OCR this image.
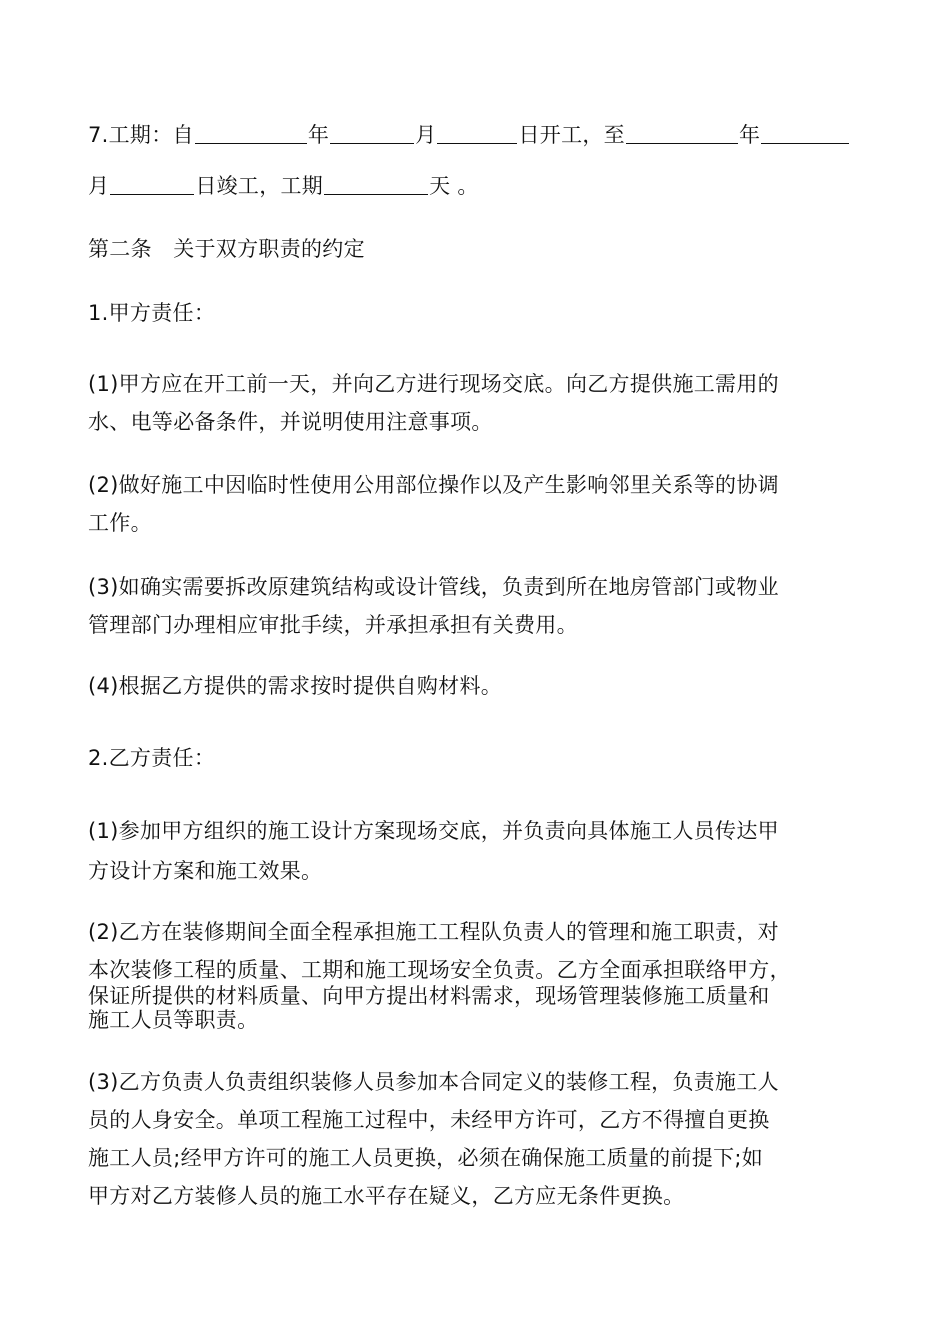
7.工期：自	年	月	日开工，至	年
月	日竣工，工期	天 。
第二条　关于双方职责的约定
1.甲方责任：
(1)甲方应在开工前一天，并向乙方进行现场交底。向乙方提供施工需用的
水、电等必备条件，并说明使用注意事项。
(2)做好施工中因临时性使用公用部位操作以及产生影响邻里关系等的协调
工作。
(3)如确实需要拆改原建筑结构或设计管线，负责到所在地房管部门或物业
管理部门办理相应审批手续，并承担承担有关费用。
(4)根据乙方提供的需求按时提供自购材料。
2.乙方责任：
(1)参加甲方组织的施工设计方案现场交底，并负责向具体施工人员传达甲
方设计方案和施工效果。
(2)乙方在装修期间全面全程承担施工工程队负责人的管理和施工职责，对
本次装修工程的质量、工期和施工现场安全负责。乙方全面承担联络甲方，
保证所提供的材料质量、向甲方提出材料需求，现场管理装修施工质量和
施工人员等职责。
(3)乙方负责人负责组织装修人员参加本合同定义的装修工程，负责施工人
员的人身安全。单项工程施工过程中，未经甲方许可，乙方不得擅自更换
施工人员;经甲方许可的施工人员更换，必须在确保施工质量的前提下;如
甲方对乙方装修人员的施工水平存在疑义，乙方应无条件更换。
